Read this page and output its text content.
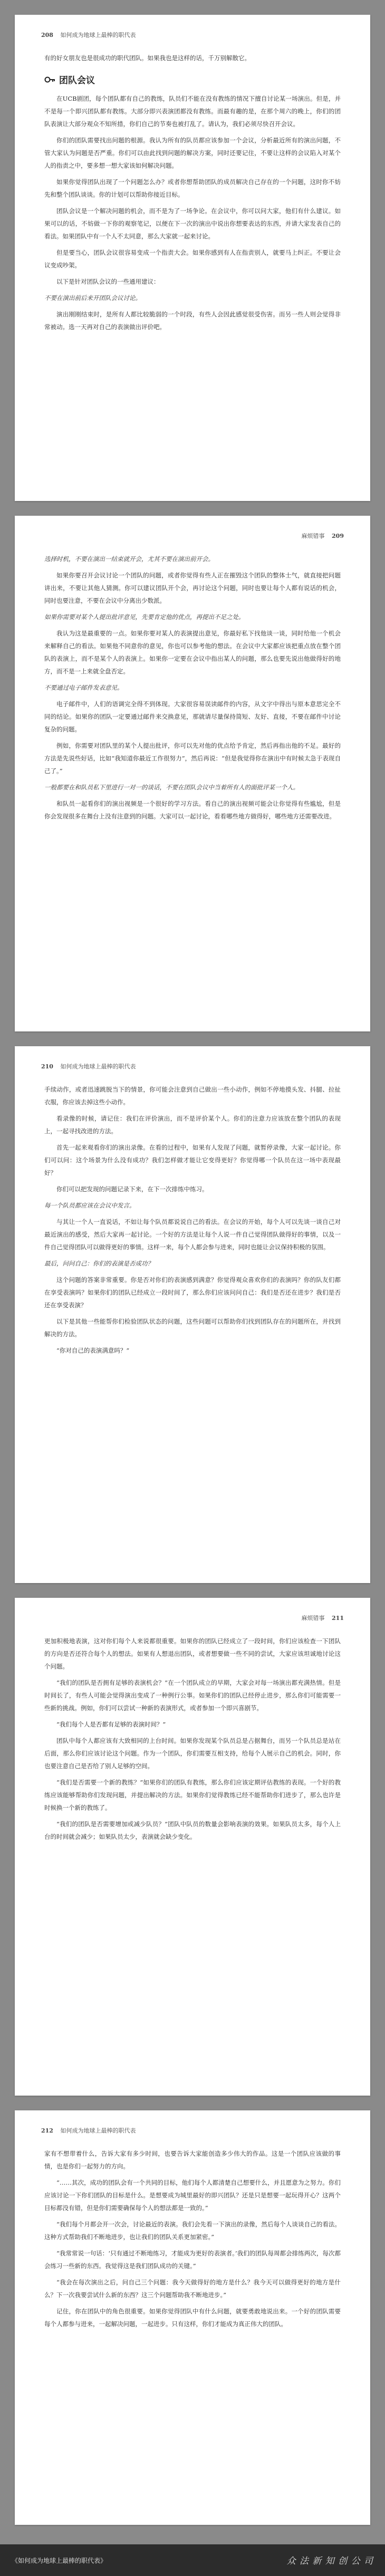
208 如何成为地球上最棒的职代表

有的好女朋友也是很成功的职代团队。如果我也是这样的话，千万别解散它。

团队会议

在UCB剧团，每个团队都有自己的教练，队员们不能在没有教练的情况下擅自讨论某一场演出。但是，并不是每一个即兴团队都有教练。大部分即兴表演团都没有教练。而最有趣的是，在那个周六的晚上，你们的团队表演让大部分观众不知所措，你们自己的节奏也被打乱了。请认为，我们必须尽快召开会议。

你们的团队需要找出问题的根源。我认为所有的队员都应该参加一个会议，分析最近所有的演出问题，不管大家认为问题是否严重。你们可以由此找到问题的解决方案，同时还要记住，不要让这样的会议陷入对某个人的指责之中，要多想一想大家该如何解决问题。

如果你觉得团队出现了一个问题怎么办？或者你想帮助团队的成员解决自己存在的一个问题，这时你不妨先和整个团队谈谈。你的计划可以帮助你接近目标。

团队会议是一个解决问题的机会，而不是为了一场争论。在会议中，你可以问大家，他们有什么建议。如果可以的话，不妨做一下你的观察笔记，以便在下一次的演出中说出你想要表达的东西，并请大家发表自己的看法。如果团队中有一个人不太同意，那么大家就一起来讨论。

但是要当心，团队会议很容易变成一个指责大会。如果你感到有人在指责别人，就要马上纠正。不要让会议变成吵架。

以下是针对团队会议的一些通用建议：

不要在演出前后来开团队会议讨论。

演出刚刚结束时，是所有人都比较脆弱的一个时段，有些人会因此感觉很受伤害。而另一些人则会觉得非常被动。选一天再对自己的表演做出评价吧。

麻烦错事 209

选择时机，不要在演出一结束就开会，尤其不要在演出前开会。

如果你要召开会议讨论一个团队的问题，或者你觉得有些人正在摧毁这个团队的整体士气，就直接把问题讲出来，不要让其他人猜测。你可以建议团队开个会，再讨论这个问题，同时也要让每个人都有说话的机会，同时也要注意，不要在会议中分离出少数派。

如果你需要对某个人提出批评意见，先要肯定他的优点，再提出不足之处。

我认为这是最重要的一点。如果你要对某人的表演提出意见，你最好私下找他谈一谈，同时给他一个机会来解释自己的看法。如果他不同意你的意见，你也可以参考他的想法。在会议中大家都应该把重点放在整个团队的表演上，而不是某个人的表演上。如果你一定要在会议中指出某人的问题，那么也要先说出他做得好的地方，而不是一上来就全盘否定。

不要通过电子邮件发表意见。

电子邮件中，人们的语调完全得不到体现。大家很容易误读邮件的内容，从文字中得出与原本意思完全不同的结论。如果你的团队一定要通过邮件来交换意见，那就请尽量保持简短、友好、直接，不要在邮件中讨论复杂的问题。

例如，你需要对团队里的某个人提出批评，你可以先对他的优点给予肯定，然后再指出他的不足。最好的方法是先说些好话，比如“我知道你最近工作很努力”，然后再说：“但是我觉得你在演出中有时候太急于表现自己了。”

一般都要在和队员私下里进行一对一的谈话，不要在团队会议中当着所有人的面批评某一个人。

和队员一起看你们的演出视频是一个很好的学习方法。看自己的演出视频可能会让你觉得有些尴尬，但是你会发现很多在舞台上没有注意到的问题。大家可以一起讨论，看看哪些地方做得好，哪些地方还需要改进。

210 如何成为地球上最棒的职代表

手续动作，或者迅速跳脱当下的情景，你可能会注意到自己做出一些小动作，例如不停地摸头发、抖腿、拉扯衣服，你应该去掉这些小动作。

看录像的时候，请记住：我们在评价演出，而不是评价某个人。你们的注意力应该放在整个团队的表现上，一起寻找改进的方法。

首先一起来观看你们的演出录像。在看的过程中，如果有人发现了问题，就暂停录像，大家一起讨论。你们可以问：这个场景为什么没有成功？我们怎样做才能让它变得更好？你觉得哪一个队员在这一场中表现最好？

你们可以把发现的问题记录下来，在下一次排练中练习。

每一个队员都应该在会议中发言。

与其让一个人一直说话，不如让每个队员都说说自己的看法。在会议的开始，每个人可以先谈一谈自己对最近演出的感受，然后大家再一起讨论。一个好的方法是让每个人说一件自己觉得团队做得好的事情，以及一件自己觉得团队可以做得更好的事情。这样一来，每个人都会参与进来，同时也能让会议保持积极的氛围。

最后，问问自己：你们的表演是否成功？

这个问题的答案非常重要。你是否对你们的表演感到满意？你觉得观众喜欢你们的表演吗？你的队友们都在享受表演吗？如果你们的团队已经成立一段时间了，那么你们应该问问自己：我们是否还在进步？我们是否还在享受表演？

以下是其他一些能帮你们检验团队状态的问题，这些问题可以帮助你们找到团队存在的问题所在，并找到解决的方法。

“你对自己的表演满意吗？”

麻烦错事 211

更加积极地表演，这对你们每个人来说都很重要。如果你的团队已经成立了一段时间，你们应该检查一下团队的方向是否还符合每个人的想法。如果有人想退出团队，或者想要做一些不同的尝试，大家应该坦诚地讨论这个问题。

“我们的团队是否拥有足够的表演机会？”在一个团队成立的早期，大家会对每一场演出都充满热情。但是时间长了，有些人可能会觉得演出变成了一种例行公事。如果你们的团队已经停止进步，那么你们可能需要一些新的挑战。例如，你们可以尝试一种新的表演形式，或者参加一个即兴喜剧节。

“我们每个人是否都有足够的表演时间？”

团队中每个人都应该有大致相同的上台时间。如果你发现某个队员总是占据舞台，而另一个队员总是站在后面，那么你们应该讨论这个问题。作为一个团队，你们需要互相支持，给每个人展示自己的机会。同时，你也要注意自己是否给了别人足够的空间。

“我们是否需要一个新的教练？”如果你们的团队有教练，那么你们应该定期评估教练的表现。一个好的教练应该能够帮助你们发现问题，并提出解决的方法。如果你们觉得教练已经不能帮助你们进步了，那么也许是时候换一个新的教练了。

“我们的团队是否需要增加或减少队员？”团队中队员的数量会影响表演的效果。如果队员太多，每个人上台的时间就会减少；如果队员太少，表演就会缺少变化。

212 如何成为地球上最棒的职代表

家有不想带着什么，告诉大家有多少时间，也要告诉大家能创造多少伟大的作品。这是一个团队应该做的事情，也是你们一起努力的方向。

“……其次，成功的团队会有一个共同的目标，他们每个人都清楚自己想要什么，并且愿意为之努力。你们应该讨论一下你们团队的目标是什么。是想要成为城里最好的即兴团队？还是只是想要一起玩得开心？这两个目标都没有错，但是你们需要确保每个人的想法都是一致的。”

“我们每个月都会开一次会，讨论最近的表演。我们会先看一下演出的录像，然后每个人谈谈自己的看法。这种方式帮助我们不断地进步，也让我们的团队关系更加紧密。”

“我常常说一句话：‘只有通过不断地练习，才能成为更好的表演者。’我们的团队每周都会排练两次，每次都会练习一些新的东西。我觉得这是我们团队成功的关键。”

“我会在每次演出之后，问自己三个问题：我今天做得好的地方是什么？我今天可以做得更好的地方是什么？下一次我要尝试什么新的东西？这三个问题帮助我不断地进步。”

记住，你在团队中的角色很重要。如果你觉得团队中有什么问题，就要勇敢地说出来。一个好的团队需要每个人都参与进来，一起解决问题，一起进步。只有这样，你们才能成为真正伟大的团队。

《如何成为地球上最棒的职代表》	众 法 新 知 创 公 司
